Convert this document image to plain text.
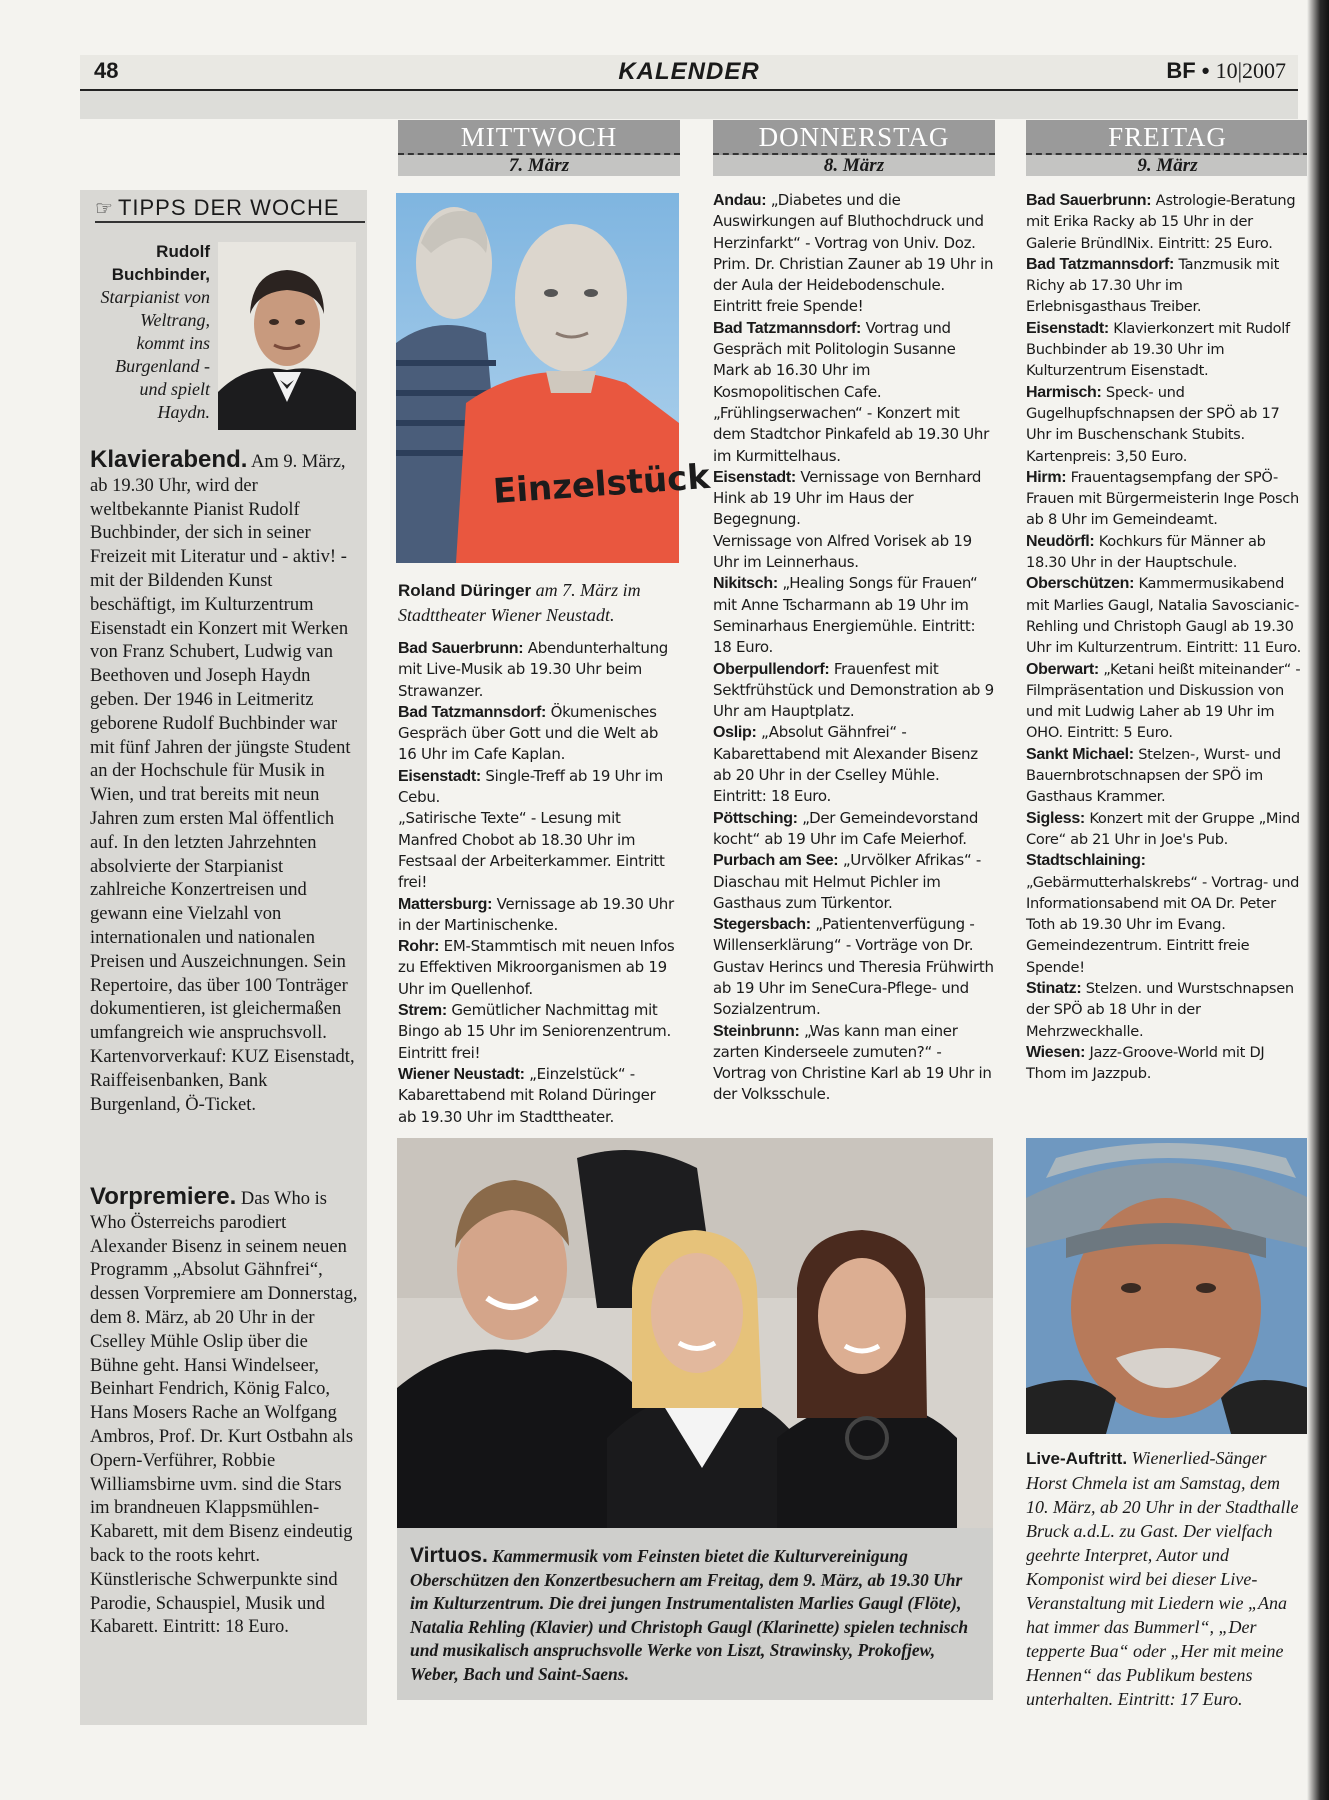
48	KALENDER	BF • 10|2007
☞ TIPPS DER WOCHE
Rudolf Buchbinder, Starpianist von Weltrang, kommt ins Burgenland - und spielt Haydn.
Klavierabend. Am 9. März, ab 19.30 Uhr, wird der weltbekannte Pianist Rudolf Buchbinder, der sich in seiner Freizeit mit Literatur und - aktiv! - mit der Bildenden Kunst beschäftigt, im Kulturzentrum Eisenstadt ein Konzert mit Werken von Franz Schubert, Ludwig van Beethoven und Joseph Haydn geben. Der 1946 in Leitmeritz geborene Rudolf Buchbinder war mit fünf Jahren der jüngste Student an der Hochschule für Musik in Wien, und trat bereits mit neun Jahren zum ersten Mal öffentlich auf. In den letzten Jahrzehnten absolvierte der Starpianist zahlreiche Konzertreisen und gewann eine Vielzahl von internationalen und nationalen Preisen und Auszeichnungen. Sein Repertoire, das über 100 Tonträger dokumentieren, ist gleichermaßen umfangreich wie anspruchsvoll. Kartenvorverkauf: KUZ Eisenstadt, Raiffeisenbanken, Bank Burgenland, Ö-Ticket.
Vorpremiere. Das Who is Who Österreichs parodiert Alexander Bisenz in seinem neuen Programm „Absolut Gähnfrei“, dessen Vorpremiere am Donnerstag, dem 8. März, ab 20 Uhr in der Cselley Mühle Oslip über die Bühne geht. Hansi Windelseer, Beinhart Fendrich, König Falco, Hans Mosers Rache an Wolfgang Ambros, Prof. Dr. Kurt Ostbahn als Opern-Verführer, Robbie Williamsbirne uvm. sind die Stars im brandneuen Klappsmühlen-Kabarett, mit dem Bisenz eindeutig back to the roots kehrt. Künstlerische Schwerpunkte sind Parodie, Schauspiel, Musik und Kabarett. Eintritt: 18 Euro.
MITTWOCH
7. März
DONNERSTAG
8. März
FREITAG
9. März
Einzelstück
Roland Düringer am 7. März im Stadttheater Wiener Neustadt.

Bad Sauerbrunn: Abendunterhaltung mit Live-Musik ab 19.30 Uhr beim Strawanzer.

Bad Tatzmannsdorf: Ökumenisches Gespräch über Gott und die Welt ab 16 Uhr im Cafe Kaplan.

Eisenstadt: Single-Treff ab 19 Uhr im Cebu.

„Satirische Texte“ - Lesung mit Manfred Chobot ab 18.30 Uhr im Festsaal der Arbeiterkammer. Eintritt frei!

Mattersburg: Vernissage ab 19.30 Uhr in der Martinischenke.

Rohr: EM-Stammtisch mit neuen Infos zu Effektiven Mikroorganismen ab 19 Uhr im Quellenhof.

Strem: Gemütlicher Nachmittag mit Bingo ab 15 Uhr im Seniorenzentrum. Eintritt frei!

Wiener Neustadt: „Einzelstück“ - Kabarettabend mit Roland Düringer ab 19.30 Uhr im Stadttheater.

Andau: „Diabetes und die Auswirkungen auf Bluthochdruck und Herzinfarkt“ - Vortrag von Univ. Doz. Prim. Dr. Christian Zauner ab 19 Uhr in der Aula der Heidebodenschule. Eintritt freie Spende!

Bad Tatzmannsdorf: Vortrag und Gespräch mit Politologin Susanne Mark ab 16.30 Uhr im Kosmopolitischen Cafe.

„Frühlingserwachen“ - Konzert mit dem Stadtchor Pinkafeld ab 19.30 Uhr im Kurmittelhaus.

Eisenstadt: Vernissage von Bernhard Hink ab 19 Uhr im Haus der Begegnung.

Vernissage von Alfred Vorisek ab 19 Uhr im Leinnerhaus.

Nikitsch: „Healing Songs für Frauen“ mit Anne Tscharmann ab 19 Uhr im Seminarhaus Energiemühle. Eintritt: 18 Euro.

Oberpullendorf: Frauenfest mit Sektfrühstück und Demonstration ab 9 Uhr am Hauptplatz.

Oslip: „Absolut Gähnfrei“ - Kabarettabend mit Alexander Bisenz ab 20 Uhr in der Cselley Mühle. Eintritt: 18 Euro.

Pöttsching: „Der Gemeindevorstand kocht“ ab 19 Uhr im Cafe Meierhof.

Purbach am See: „Urvölker Afrikas“ - Diaschau mit Helmut Pichler im Gasthaus zum Türkentor.

Stegersbach: „Patientenverfügung - Willenserklärung“ - Vorträge von Dr. Gustav Herincs und Theresia Frühwirth ab 19 Uhr im SeneCura-Pflege- und Sozialzentrum.

Steinbrunn: „Was kann man einer zarten Kinderseele zumuten?“ - Vortrag von Christine Karl ab 19 Uhr in der Volksschule.

Bad Sauerbrunn: Astrologie-Beratung mit Erika Racky ab 15 Uhr in der Galerie BründlNix. Eintritt: 25 Euro.

Bad Tatzmannsdorf: Tanzmusik mit Richy ab 17.30 Uhr im Erlebnisgasthaus Treiber.

Eisenstadt: Klavierkonzert mit Rudolf Buchbinder ab 19.30 Uhr im Kulturzentrum Eisenstadt.

Harmisch: Speck- und Gugelhupfschnapsen der SPÖ ab 17 Uhr im Buschenschank Stubits. Kartenpreis: 3,50 Euro.

Hirm: Frauentagsempfang der SPÖ-Frauen mit Bürgermeisterin Inge Posch ab 8 Uhr im Gemeindeamt.

Neudörfl: Kochkurs für Männer ab 18.30 Uhr in der Hauptschule.

Oberschützen: Kammermusikabend mit Marlies Gaugl, Natalia Savoscianic-Rehling und Christoph Gaugl ab 19.30 Uhr im Kulturzentrum. Eintritt: 11 Euro.

Oberwart: „Ketani heißt miteinander“ - Filmpräsentation und Diskussion von und mit Ludwig Laher ab 19 Uhr im OHO. Eintritt: 5 Euro.

Sankt Michael: Stelzen-, Wurst- und Bauernbrotschnapsen der SPÖ im Gasthaus Krammer.

Sigless: Konzert mit der Gruppe „Mind Core“ ab 21 Uhr in Joe's Pub.

Stadtschlaining: „Gebärmutterhalskrebs“ - Vortrag- und Informationsabend mit OA Dr. Peter Toth ab 19.30 Uhr im Evang. Gemeindezentrum. Eintritt freie Spende!

Stinatz: Stelzen. und Wurstschnapsen der SPÖ ab 18 Uhr in der Mehrzweckhalle.

Wiesen: Jazz-Groove-World mit DJ Thom im Jazzpub.

Virtuos. Kammermusik vom Feinsten bietet die Kulturvereinigung Oberschützen den Konzertbesuchern am Freitag, dem 9. März, ab 19.30 Uhr im Kulturzentrum. Die drei jungen Instrumentalisten Marlies Gaugl (Flöte), Natalia Rehling (Klavier) und Christoph Gaugl (Klarinette) spielen technisch und musikalisch anspruchsvolle Werke von Liszt, Strawinsky, Prokofjew, Weber, Bach und Saint-Saens.
Live-Auftritt. Wienerlied-Sänger Horst Chmela ist am Samstag, dem 10. März, ab 20 Uhr in der Stadthalle Bruck a.d.L. zu Gast. Der vielfach geehrte Interpret, Autor und Komponist wird bei dieser Live-Veranstaltung mit Liedern wie „Ana hat immer das Bummerl“, „Der tepperte Bua“ oder „Her mit meine Hennen“ das Publikum bestens unterhalten. Eintritt: 17 Euro.
